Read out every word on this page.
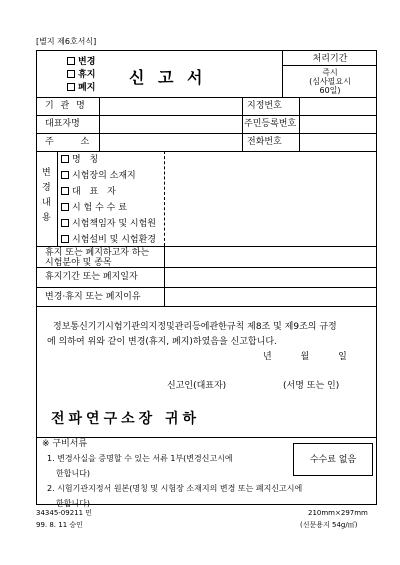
[별지 제6호서식]
변경
휴지
폐지
신 고 서
처리기간
즉시
(심사필요시
60일)
기 관 명	지정번호
대표자명	주민등록번호
주 소	전화번호
변
경
내
용
명 칭
시험장의 소재지
대 표 자
시 험 수 수 료
시험책임자 및 시험원
시험설비 및 시험환경
휴지 또는 폐지하고자 하는
시험분야 및 종목
휴지기간 또는 폐지일자
변경·휴지 또는 폐지이유
정보통신기기시험기관의지정및관리등에관한규칙 제8조 및 제9조의 규정
에 의하여 위와 같이 변경(휴지, 폐지)하였음을 신고합니다.
년 월 일
신고인(대표자)	(서명 또는 인)
전파연구소장 귀하
※ 구비서류
1. 변경사실을 증명할 수 있는 서류 1부(변경신고시에
한합니다)
2. 시험기관지정서 원본(명칭 및 시험장 소재지의 변경 또는 폐지신고시에
한합니다)
수수료 없음
34345-09211 민
99. 8. 11 승인
210mm×297mm
(신문용지 54g/㎡)
